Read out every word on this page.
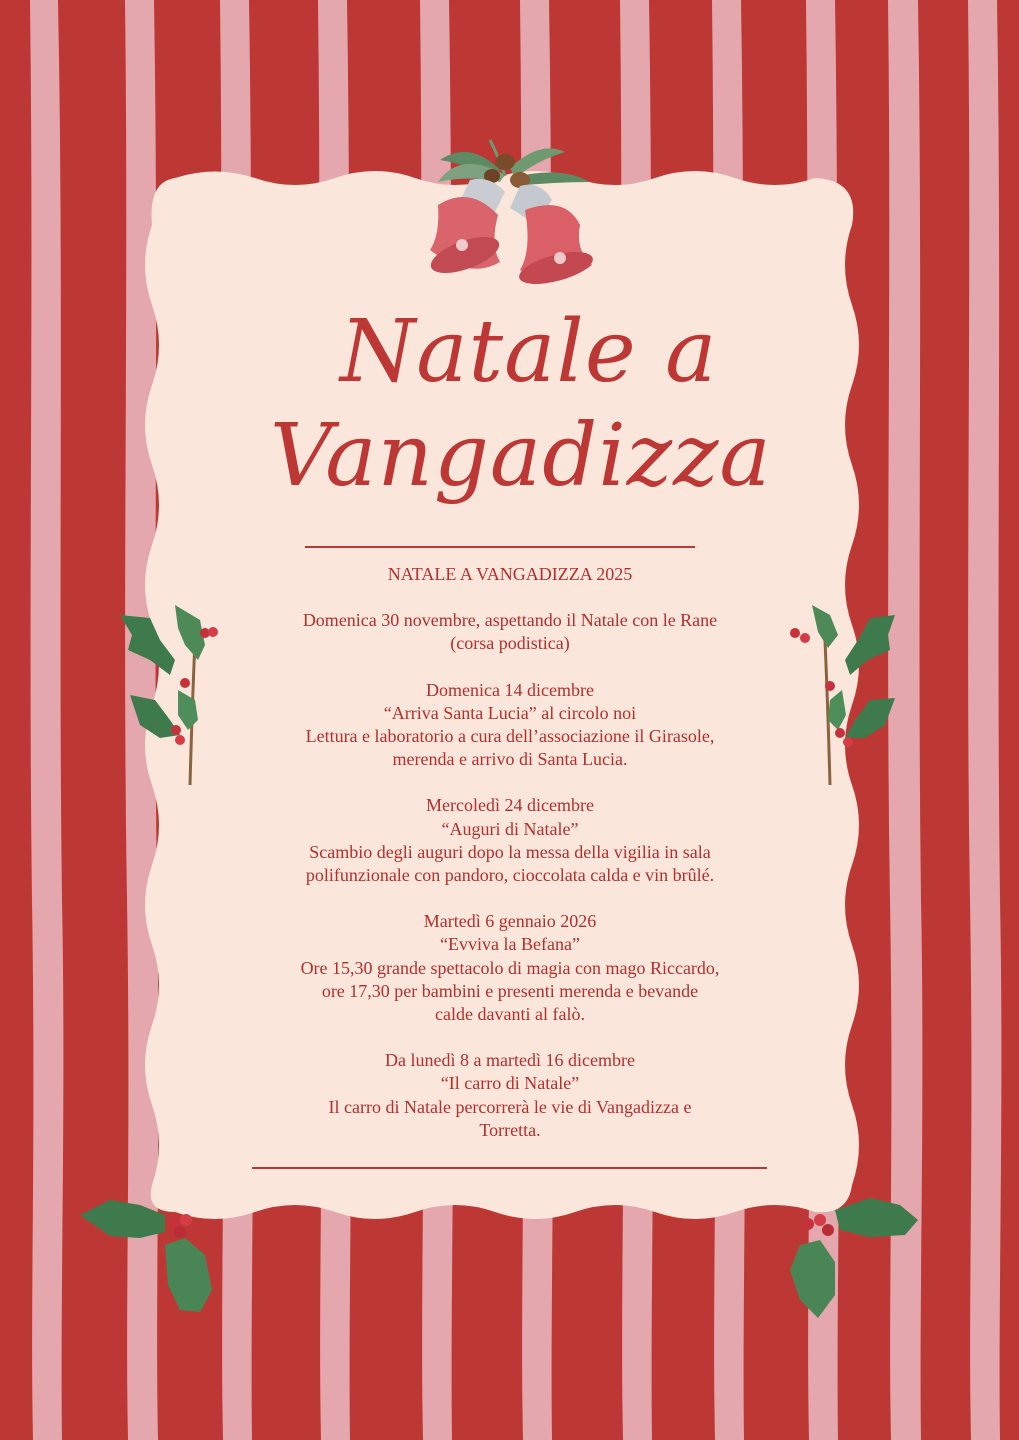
Natale a
Vangadizza

NATALE A VANGADIZZA 2025

Domenica 30 novembre, aspettando il Natale con le Rane

(corsa podistica)

Domenica 14 dicembre

“Arriva Santa Lucia” al circolo noi

Lettura e laboratorio a cura dell’associazione il Girasole,

merenda e arrivo di Santa Lucia.

Mercoledì 24 dicembre

“Auguri di Natale”

Scambio degli auguri dopo la messa della vigilia in sala

polifunzionale con pandoro, cioccolata calda e vin brûlé.

Martedì 6 gennaio 2026

“Evviva la Befana”

Ore 15,30 grande spettacolo di magia con mago Riccardo,

ore 17,30 per bambini e presenti merenda e bevande

calde davanti al falò.

Da lunedì 8 a martedì 16 dicembre

“Il carro di Natale”

Il carro di Natale percorrerà le vie di Vangadizza e

Torretta.
